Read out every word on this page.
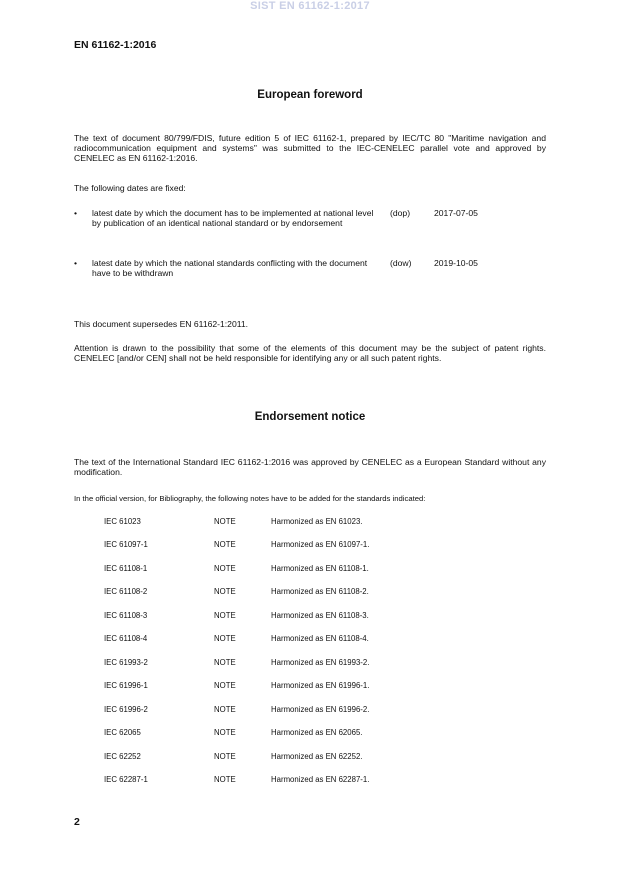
SIST EN 61162-1:2017
EN 61162-1:2016
European foreword
The text of document 80/799/FDIS, future edition 5 of IEC 61162-1, prepared by IEC/TC 80 "Maritime navigation and radiocommunication equipment and systems" was submitted to the IEC-CENELEC parallel vote and approved by CENELEC as EN 61162-1:2016.
The following dates are fixed:
• latest date by which the document has to be implemented at national level by publication of an identical national standard or by endorsement
(dop)	2017-07-05
• latest date by which the national standards conflicting with the document have to be withdrawn
(dow)	2019-10-05
This document supersedes EN 61162-1:2011.
Attention is drawn to the possibility that some of the elements of this document may be the subject of patent rights. CENELEC [and/or CEN] shall not be held responsible for identifying any or all such patent rights.
Endorsement notice
The text of the International Standard IEC 61162-1:2016 was approved by CENELEC as a European Standard without any modification.
In the official version, for Bibliography, the following notes have to be added for the standards indicated:
IEC 61023	NOTE	Harmonized as EN 61023.
IEC 61097-1	NOTE	Harmonized as EN 61097-1.
IEC 61108-1	NOTE	Harmonized as EN 61108-1.
IEC 61108-2	NOTE	Harmonized as EN 61108-2.
IEC 61108-3	NOTE	Harmonized as EN 61108-3.
IEC 61108-4	NOTE	Harmonized as EN 61108-4.
IEC 61993-2	NOTE	Harmonized as EN 61993-2.
IEC 61996-1	NOTE	Harmonized as EN 61996-1.
IEC 61996-2	NOTE	Harmonized as EN 61996-2.
IEC 62065	NOTE	Harmonized as EN 62065.
IEC 62252	NOTE	Harmonized as EN 62252.
IEC 62287-1	NOTE	Harmonized as EN 62287-1.
2
